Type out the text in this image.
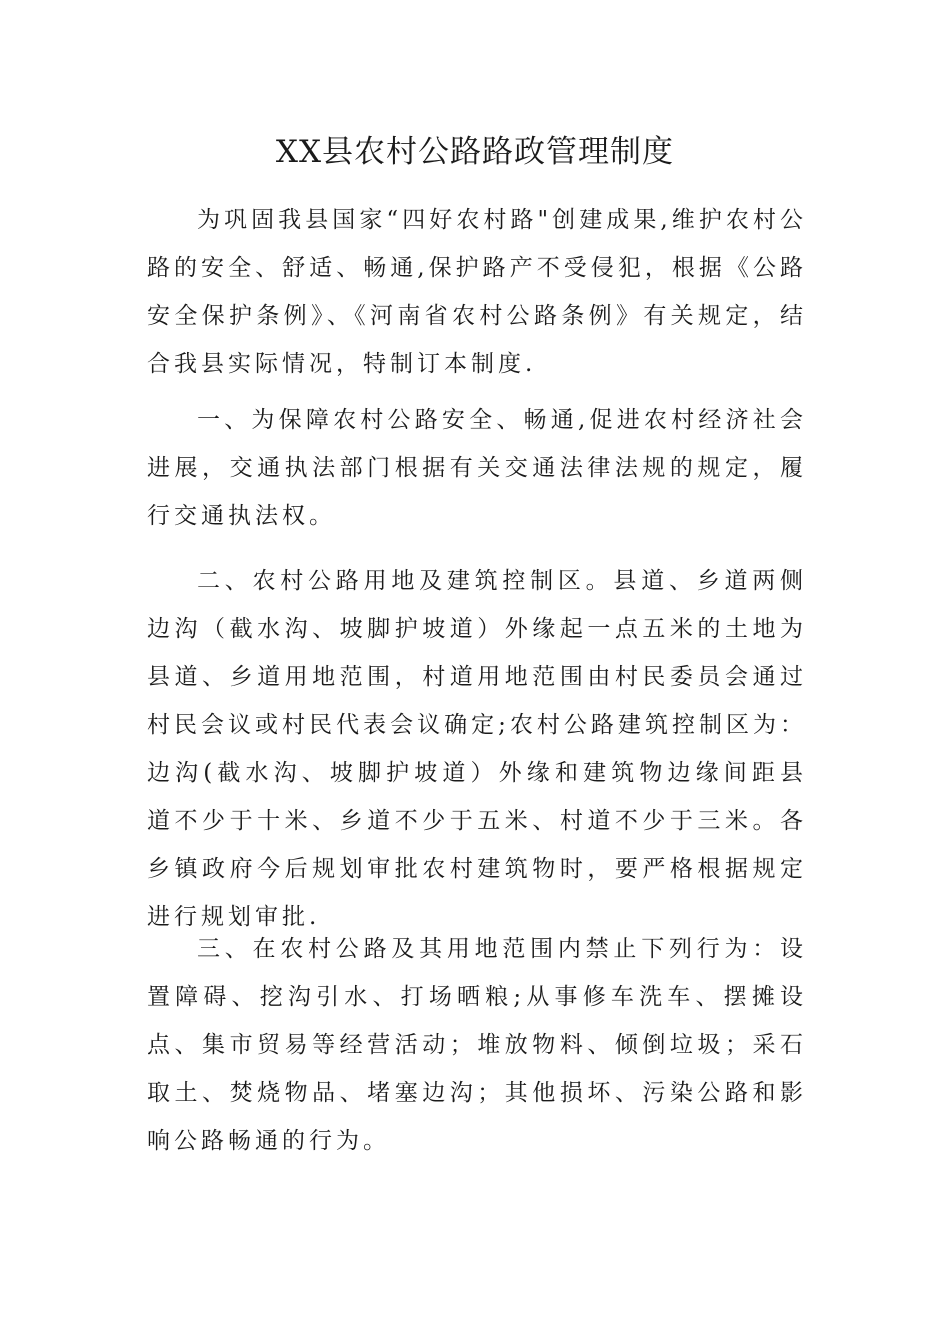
XX县农村公路路政管理制度

为巩固我县国家“四好农村路"创建成果,维护农村公路的安全、舒适、畅通,保护路产不受侵犯，根据《公路安全保护条例》、《河南省农村公路条例》有关规定，结合我县实际情况，特制订本制度.

一、为保障农村公路安全、畅通,促进农村经济社会进展，交通执法部门根据有关交通法律法规的规定，履行交通执法权。

二、农村公路用地及建筑控制区。县道、乡道两侧边沟（截水沟、坡脚护坡道）外缘起一点五米的土地为县道、乡道用地范围，村道用地范围由村民委员会通过村民会议或村民代表会议确定;农村公路建筑控制区为：边沟(截水沟、坡脚护坡道）外缘和建筑物边缘间距县道不少于十米、乡道不少于五米、村道不少于三米。各乡镇政府今后规划审批农村建筑物时，要严格根据规定进行规划审批.

三、在农村公路及其用地范围内禁止下列行为：设置障碍、挖沟引水、打场晒粮;从事修车洗车、摆摊设点、集市贸易等经营活动；堆放物料、倾倒垃圾；采石取土、焚烧物品、堵塞边沟；其他损坏、污染公路和影响公路畅通的行为。
